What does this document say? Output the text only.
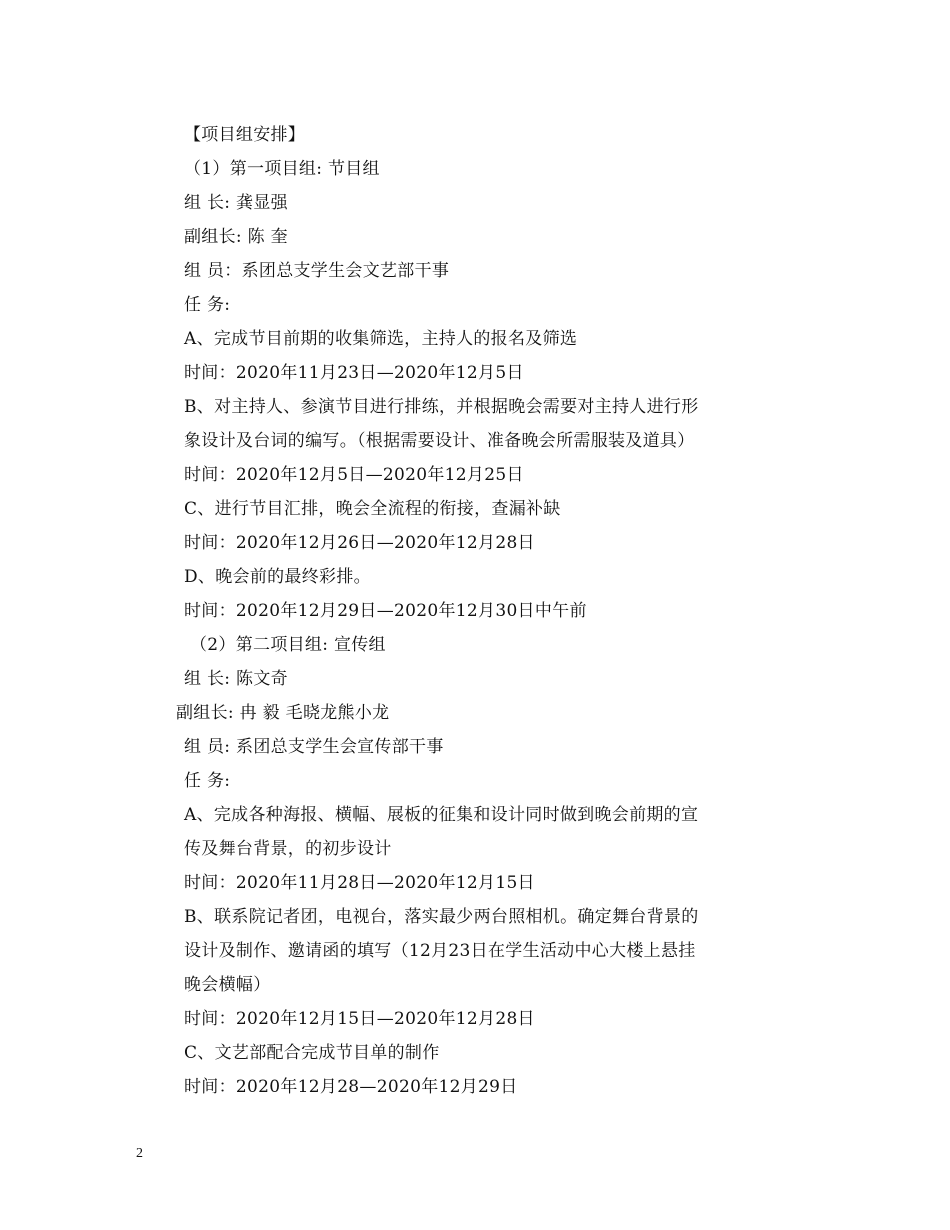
【项目组安排】
（1）第一项目组: 节目组
组 长: 龚显强
副组长: 陈 奎
组 员：系团总支学生会文艺部干事
任 务:
A、完成节目前期的收集筛选，主持人的报名及筛选
时间：2020年11月23日—2020年12月5日
B、对主持人、参演节目进行排练，并根据晚会需要对主持人进行形
象设计及台词的编写。（根据需要设计、准备晚会所需服装及道具）
时间：2020年12月5日—2020年12月25日
C、进行节目汇排，晚会全流程的衔接，查漏补缺
时间：2020年12月26日—2020年12月28日
D、晚会前的最终彩排。
时间：2020年12月29日—2020年12月30日中午前
（2）第二项目组: 宣传组
组 长: 陈文奇
副组长: 冉 毅 毛晓龙熊小龙
组 员: 系团总支学生会宣传部干事
任 务:
A、完成各种海报、横幅、展板的征集和设计同时做到晚会前期的宣
传及舞台背景，的初步设计
时间：2020年11月28日—2020年12月15日
B、联系院记者团，电视台，落实最少两台照相机。确定舞台背景的
设计及制作、邀请函的填写（12月23日在学生活动中心大楼上悬挂
晚会横幅）
时间：2020年12月15日—2020年12月28日
C、文艺部配合完成节目单的制作
时间：2020年12月28—2020年12月29日
2
